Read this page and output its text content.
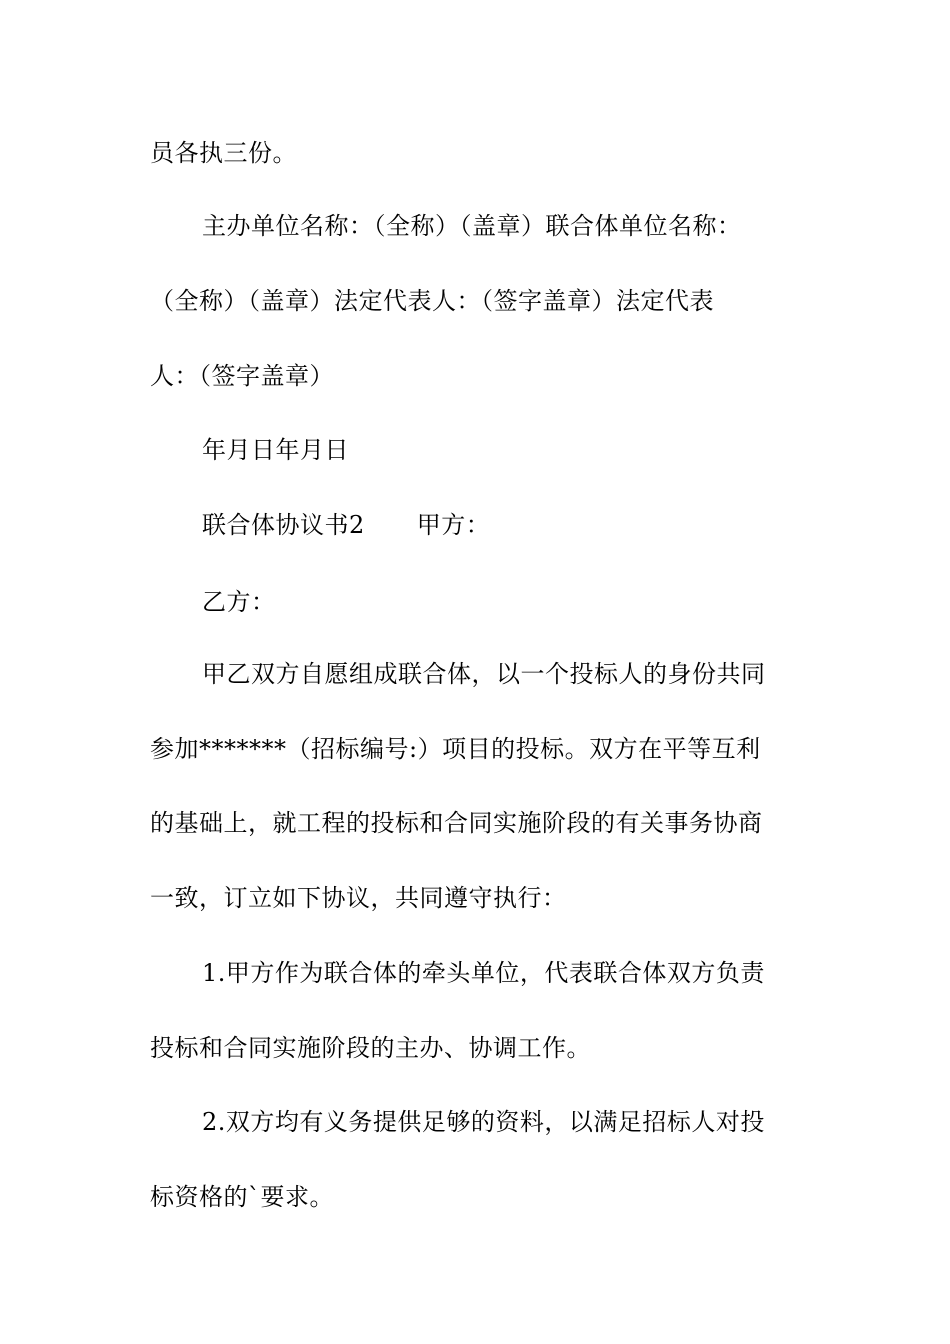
员各执三份。
主办单位名称：（全称）（盖章）联合体单位名称：
（全称）（盖章）法定代表人：（签字盖章）法定代表
人：（签字盖章）
年月日年月日
联合体协议书2 甲方：
乙方：
甲乙双方自愿组成联合体，以一个投标人的身份共同
参加*******（招标编号:）项目的投标。双方在平等互利
的基础上，就工程的投标和合同实施阶段的有关事务协商
一致，订立如下协议，共同遵守执行：
1.甲方作为联合体的牵头单位，代表联合体双方负责
投标和合同实施阶段的主办、协调工作。
2.双方均有义务提供足够的资料，以满足招标人对投
标资格的`要求。
